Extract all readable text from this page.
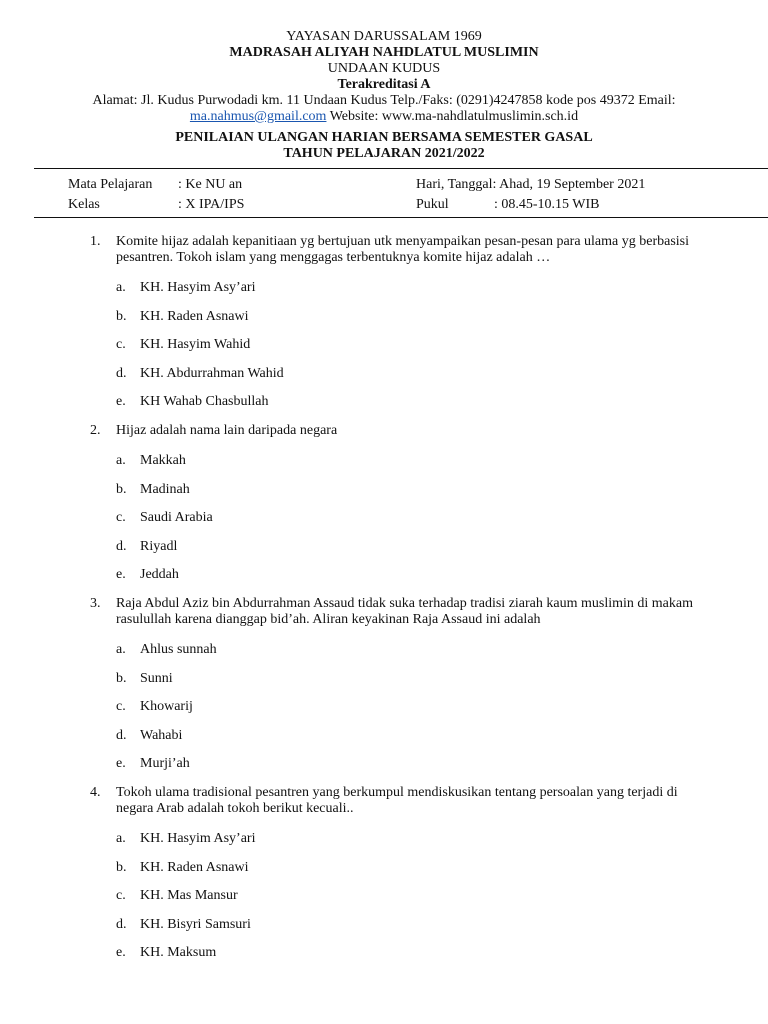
YAYASAN DARUSSALAM 1969
MADRASAH ALIYAH NAHDLATUL MUSLIMIN
UNDAAN KUDUS
Terakreditasi A
Alamat: Jl. Kudus Purwodadi km. 11 Undaan Kudus Telp./Faks: (0291)4247858 kode pos 49372 Email:
ma.nahmus@gmail.com Website: www.ma-nahdlatulmuslimin.sch.id
PENILAIAN ULANGAN HARIAN BERSAMA SEMESTER GASAL
TAHUN PELAJARAN 2021/2022
Mata Pelajaran : Ke NU an	Hari, Tanggal: Ahad, 19 September 2021
Kelas	: X IPA/IPS	Pukul	: 08.45-10.15 WIB
1. Komite hijaz adalah kepanitiaan yg bertujuan utk menyampaikan pesan-pesan para ulama yg berbasisi pesantren. Tokoh islam yang menggagas terbentuknya komite hijaz adalah …
a. KH. Hasyim Asy’ari
b. KH. Raden Asnawi
c. KH. Hasyim Wahid
d. KH. Abdurrahman Wahid
e. KH Wahab Chasbullah
2. Hijaz adalah nama lain daripada negara
a. Makkah
b. Madinah
c. Saudi Arabia
d. Riyadl
e. Jeddah
3. Raja Abdul Aziz bin Abdurrahman Assaud tidak suka terhadap tradisi ziarah kaum muslimin di makam rasulullah karena dianggap bid’ah. Aliran keyakinan Raja Assaud ini adalah
a. Ahlus sunnah
b. Sunni
c. Khowarij
d. Wahabi
e. Murji’ah
4. Tokoh ulama tradisional pesantren yang berkumpul mendiskusikan tentang persoalan yang terjadi di negara Arab adalah tokoh berikut kecuali..
a. KH. Hasyim Asy’ari
b. KH. Raden Asnawi
c. KH. Mas Mansur
d. KH. Bisyri Samsuri
e. KH. Maksum
